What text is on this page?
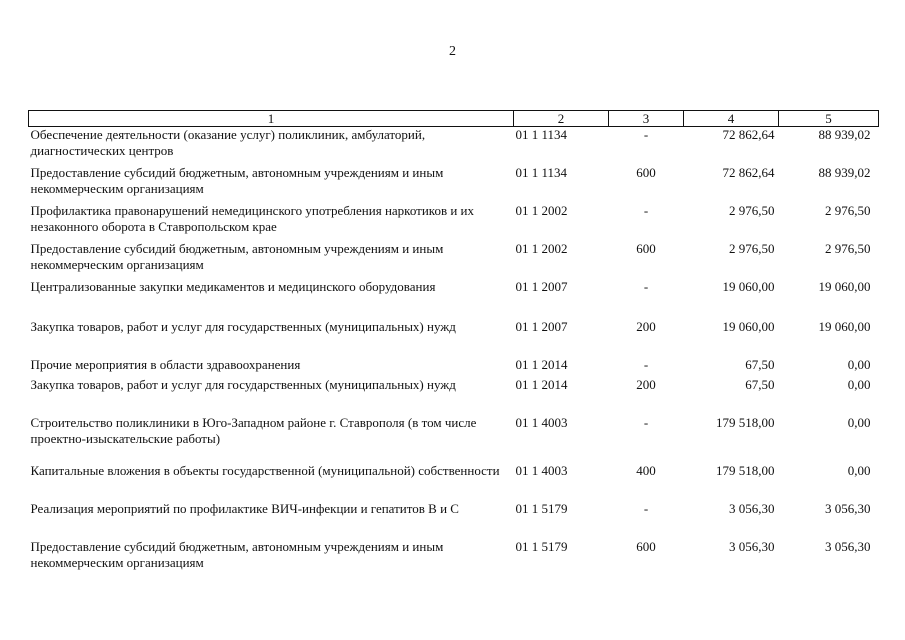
2
1	2	3	4	5
Обеспечение деятельности (оказание услуг) поликлиник, амбулаторий, диагностических центров	01 1 1134	-	72 862,64	88 939,02
Предоставление субсидий бюджетным, автономным учреждениям и иным некоммерческим организациям	01 1 1134	600	72 862,64	88 939,02
Профилактика правонарушений немедицинского употребления наркотиков и их незаконного оборота в Ставропольском крае	01 1 2002	-	2 976,50	2 976,50
Предоставление субсидий бюджетным, автономным учреждениям и иным некоммерческим организациям	01 1 2002	600	2 976,50	2 976,50
Централизованные закупки медикаментов и медицинского оборудования	01 1 2007	-	19 060,00	19 060,00
Закупка товаров, работ и услуг для государственных (муниципальных) нужд	01 1 2007	200	19 060,00	19 060,00
Прочие мероприятия в области здравоохранения	01 1 2014	-	67,50	0,00
Закупка товаров, работ и услуг для государственных (муниципальных) нужд	01 1 2014	200	67,50	0,00
Строительство поликлиники в Юго-Западном районе г. Ставрополя (в том числе проектно-изыскательские работы)	01 1 4003	-	179 518,00	0,00
Капитальные вложения в объекты государственной (муниципальной) собственности	01 1 4003	400	179 518,00	0,00
Реализация мероприятий по профилактике ВИЧ-инфекции и гепатитов В и С	01 1 5179	-	3 056,30	3 056,30
Предоставление субсидий бюджетным, автономным учреждениям и иным некоммерческим организациям	01 1 5179	600	3 056,30	3 056,30
